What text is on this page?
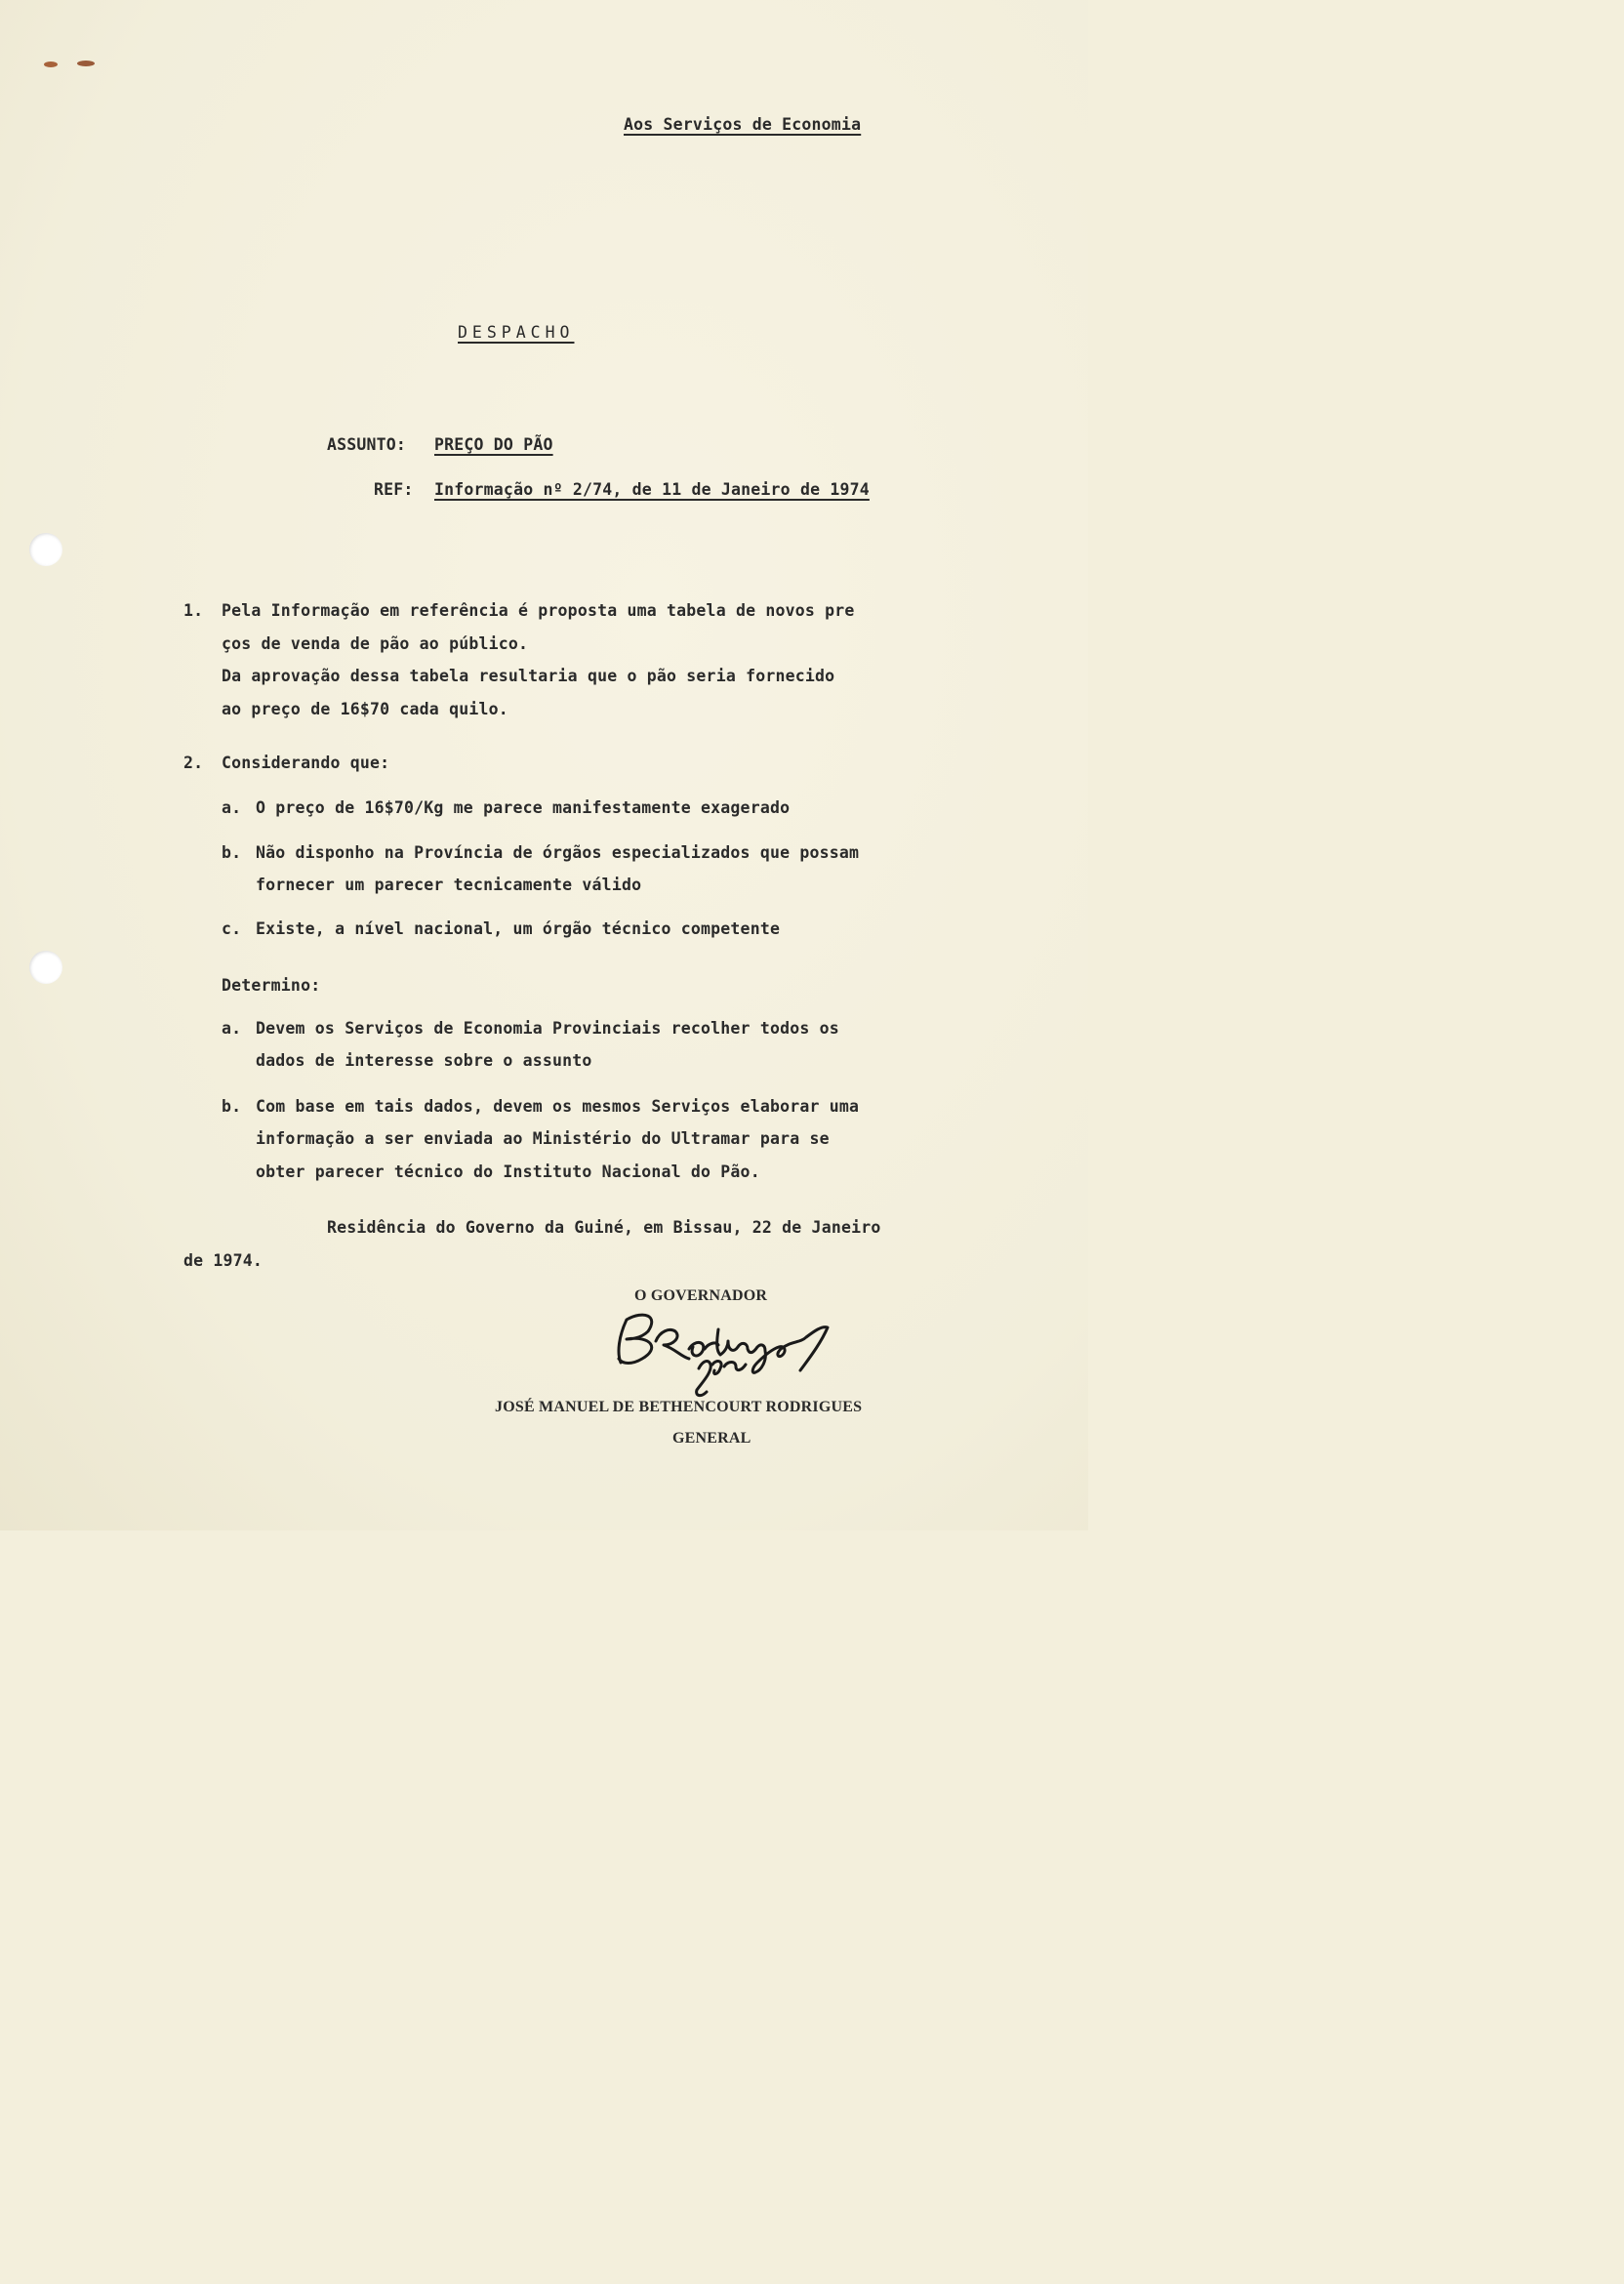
Aos Serviços de Economia
DESPACHO
ASSUNTO: PREÇO DO PÃO
REF: Informação nº 2/74, de 11 de Janeiro de 1974
1. Pela Informação em referência é proposta uma tabela de novos pre
ços de venda de pão ao público.
Da aprovação dessa tabela resultaria que o pão seria fornecido
ao preço de 16$70 cada quilo.
2. Considerando que:
a. O preço de 16$70/Kg me parece manifestamente exagerado
b. Não disponho na Província de órgãos especializados que possam
fornecer um parecer tecnicamente válido
c. Existe, a nível nacional, um órgão técnico competente
Determino:
a. Devem os Serviços de Economia Provinciais recolher todos os
dados de interesse sobre o assunto
b. Com base em tais dados, devem os mesmos Serviços elaborar uma
informação a ser enviada ao Ministério do Ultramar para se
obter parecer técnico do Instituto Nacional do Pão.
Residência do Governo da Guiné, em Bissau, 22 de Janeiro
de 1974.
O GOVERNADOR
JOSÉ MANUEL DE BETHENCOURT RODRIGUES
GENERAL
